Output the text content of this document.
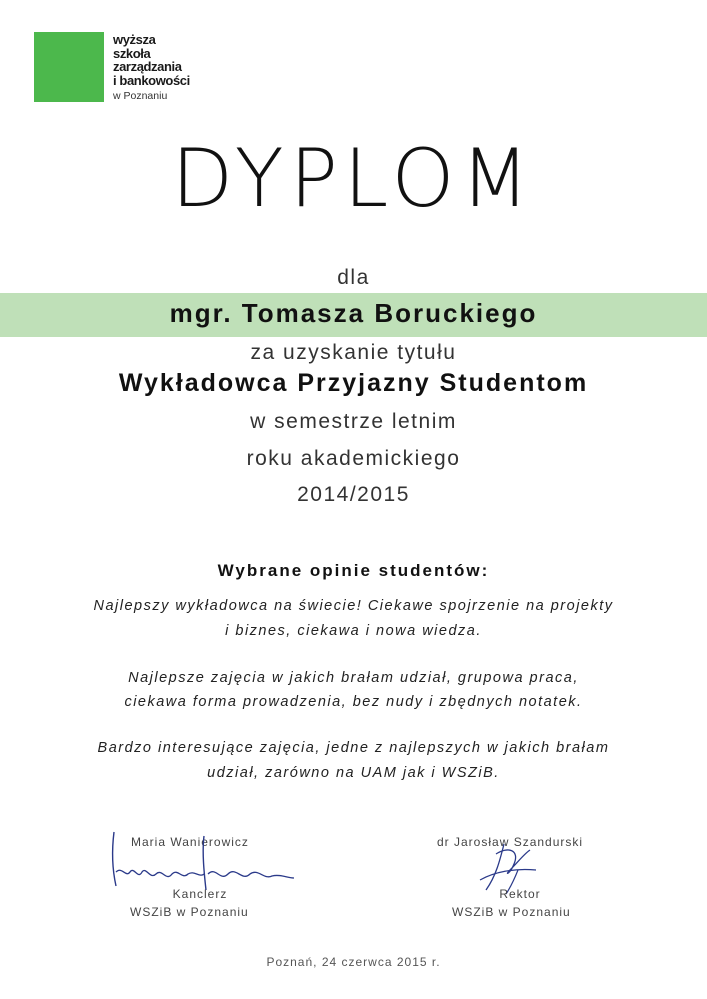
wyższa
szkoła
zarządzania
i bankowości
w Poznaniu
DYPLOM
dla
mgr. Tomasza Boruckiego
za uzyskanie tytułu
Wykładowca Przyjazny Studentom
w semestrze letnim
roku akademickiego
2014/2015
Wybrane opinie studentów:
Najlepszy wykładowca na świecie! Ciekawe spojrzenie na projekty
i biznes, ciekawa i nowa wiedza.
Najlepsze zajęcia w jakich brałam udział, grupowa praca,
ciekawa forma prowadzenia, bez nudy i zbędnych notatek.
Bardzo interesujące zajęcia, jedne z najlepszych w jakich brałam
udział, zarówno na UAM jak i WSZiB.
Maria Wanierowicz
Kanclerz
WSZiB w Poznaniu
dr Jarosław Szandurski
Rektor
WSZiB w Poznaniu
Poznań, 24 czerwca 2015 r.
